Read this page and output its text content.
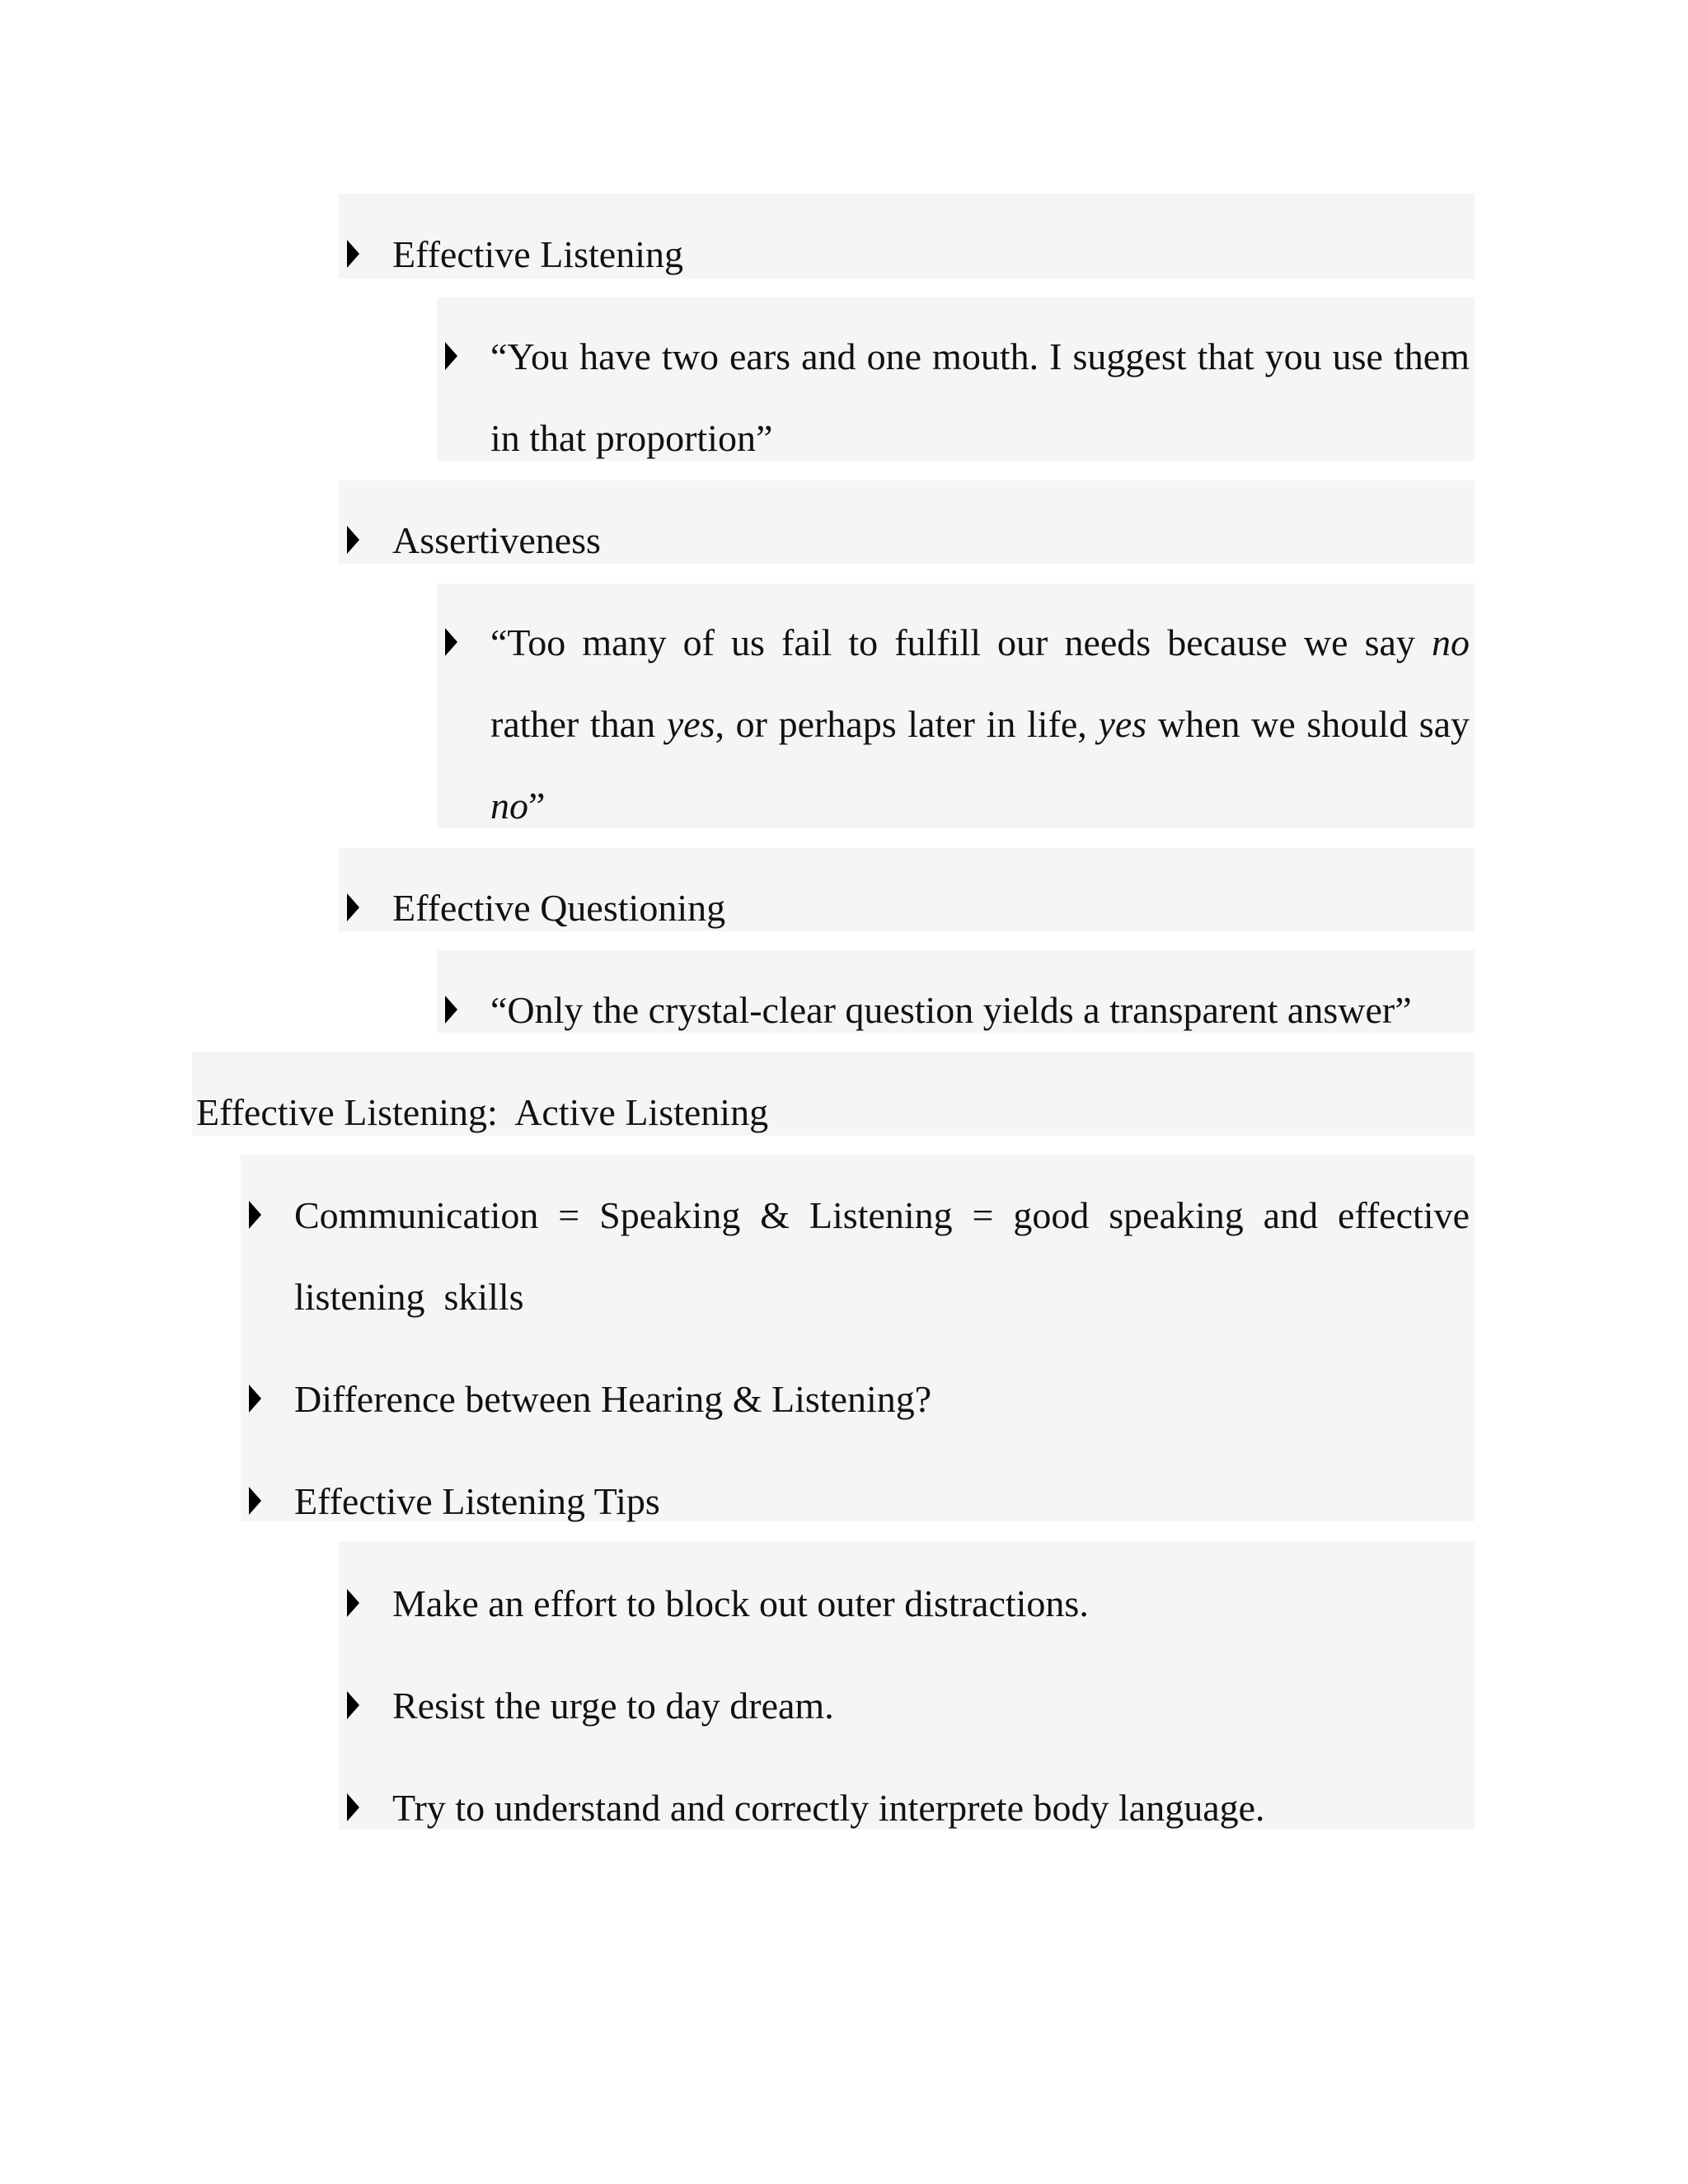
Effective Listening
“You have two ears and one mouth. I suggest that you use them
in that proportion”
Assertiveness
“Too many of us fail to fulfill our needs because we say no
rather than yes, or perhaps later in life, yes when we should say
no”
Effective Questioning
“Only the crystal-clear question yields a transparent answer”
Effective Listening:  Active Listening
Communication = Speaking & Listening = good speaking and effective
listening  skills
Difference between Hearing & Listening?
Effective Listening Tips
Make an effort to block out outer distractions.
Resist the urge to day dream.
Try to understand and correctly interprete body language.
